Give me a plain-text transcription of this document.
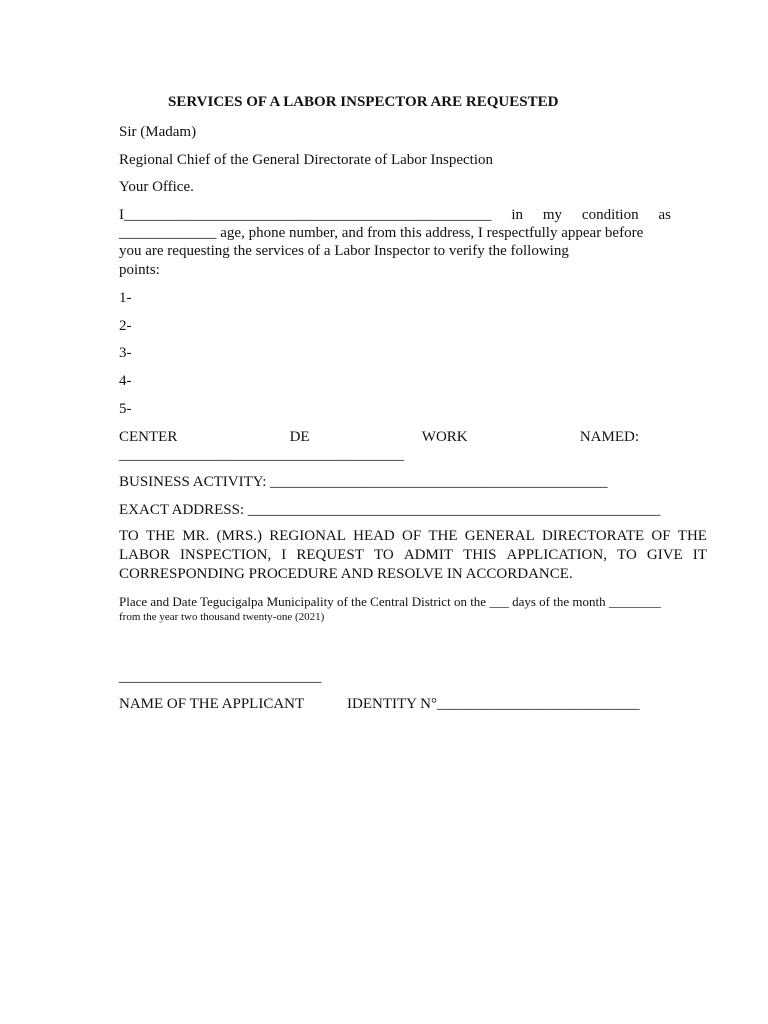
SERVICES OF A LABOR INSPECTOR ARE REQUESTED
Sir (Madam)
Regional Chief of the General Directorate of Labor Inspection
Your Office.
I_________________________________________________ in my condition as
_____________ age, phone number, and from this address, I respectfully appear before
you are requesting the services of a Labor Inspector to verify the following
points:
1-
2-
3-
4-
5-
CENTER	DE	WORK	NAMED:
______________________________________
BUSINESS ACTIVITY: _____________________________________________
EXACT ADDRESS: _______________________________________________________
TO THE MR. (MRS.) REGIONAL HEAD OF THE GENERAL DIRECTORATE OF THE
LABOR INSPECTION, I REQUEST TO ADMIT THIS APPLICATION, TO GIVE IT
CORRESPONDING PROCEDURE AND RESOLVE IN ACCORDANCE.
Place and Date Tegucigalpa Municipality of the Central District on the ___ days of the month ________
from the year two thousand twenty-one (2021)
___________________________
NAME OF THE APPLICANT	IDENTITY N°___________________________
